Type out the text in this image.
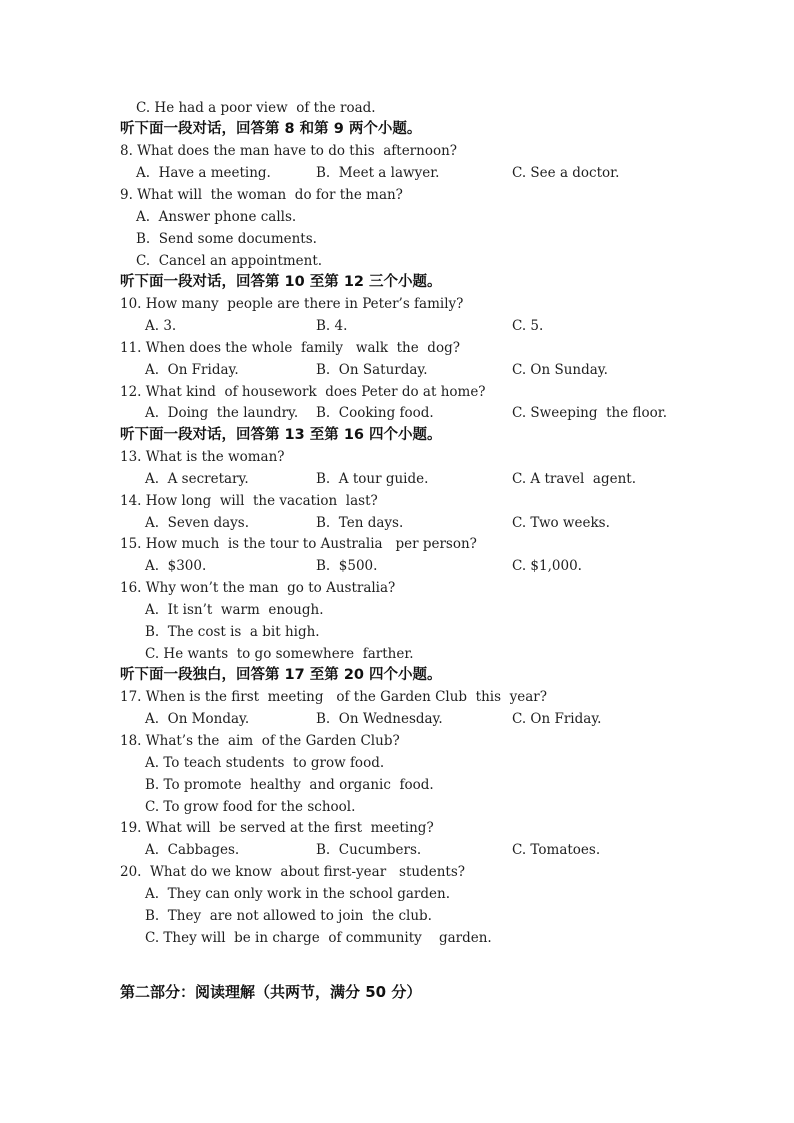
C. He had a poor view  of the road.

听下面一段对话，回答第 8 和第 9 两个小题。

8. What does the man have to do this  afternoon?

A.  Have a meeting.

	B.  Meet a lawyer.

	C. See a doctor.

9. What will  the woman  do for the man?

A.  Answer phone calls.

B.  Send some documents.

C.  Cancel an appointment.

听下面一段对话，回答第 10 至第 12 三个小题。

10. How many  people are there in Peter’s family?

A. 3.

	B. 4.

	C. 5.

11. When does the whole  family   walk  the  dog?

A.  On Friday.

	B.  On Saturday.

	C. On Sunday.

12. What kind  of housework  does Peter do at home?

A.  Doing  the laundry.

B.  Cooking food.

	C. Sweeping  the floor.

听下面一段对话，回答第 13 至第 16 四个小题。

13. What is the woman?

A.  A secretary.

	B.  A tour guide.

	C. A travel  agent.

14. How long  will  the vacation  last?

A.  Seven days.

	B.  Ten days.

	C. Two weeks.

15. How much  is the tour to Australia   per person?

A.  $300.

	B.  $500.

	C. $1,000.

16. Why won’t the man  go to Australia?

A.  It isn’t  warm  enough.

B.  The cost is  a bit high.

C. He wants  to go somewhere  farther.

听下面一段独白，回答第 17 至第 20 四个小题。

17. When is the first  meeting   of the Garden Club  this  year?

A.  On Monday.

	B.  On Wednesday.

	C. On Friday.

18. What’s the  aim  of the Garden Club?

A. To teach students  to grow food.

B. To promote  healthy  and organic  food.

C. To grow food for the school.

19. What will  be served at the first  meeting?

A.  Cabbages.

	B.  Cucumbers.

	C. Tomatoes.

20.  What do we know  about first-year   students?

A.  They can only work in the school garden.

B.  They  are not allowed to join  the club.

C. They will  be in charge  of community    garden.

第二部分：阅读理解（共两节，满分 50 分）
